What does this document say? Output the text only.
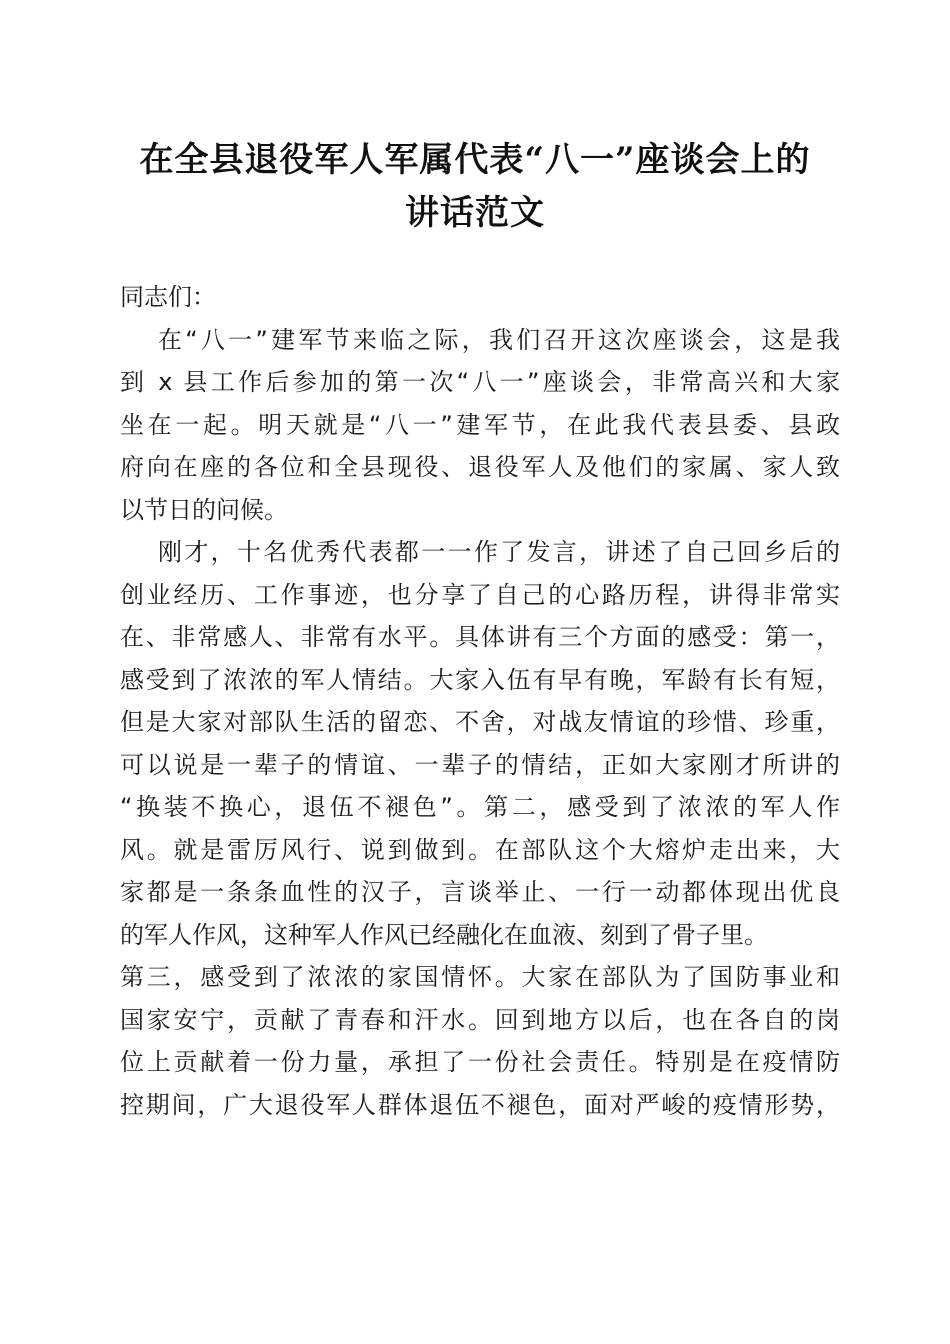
在全县退役军人军属代表“八一”座谈会上的
讲话范文
同志们：
在“八一”建军节来临之际，我们召开这次座谈会，这是我
到 x 县工作后参加的第一次“八一”座谈会，非常高兴和大家
坐在一起。明天就是“八一”建军节，在此我代表县委、县政
府向在座的各位和全县现役、退役军人及他们的家属、家人致
以节日的问候。
刚才，十名优秀代表都一一作了发言，讲述了自己回乡后的
创业经历、工作事迹，也分享了自己的心路历程，讲得非常实
在、非常感人、非常有水平。具体讲有三个方面的感受：第一，
感受到了浓浓的军人情结。大家入伍有早有晚，军龄有长有短，
但是大家对部队生活的留恋、不舍，对战友情谊的珍惜、珍重，
可以说是一辈子的情谊、一辈子的情结，正如大家刚才所讲的
“换装不换心，退伍不褪色”。第二，感受到了浓浓的军人作
风。就是雷厉风行、说到做到。在部队这个大熔炉走出来，大
家都是一条条血性的汉子，言谈举止、一行一动都体现出优良
的军人作风，这种军人作风已经融化在血液、刻到了骨子里。
第三，感受到了浓浓的家国情怀。大家在部队为了国防事业和
国家安宁，贡献了青春和汗水。回到地方以后，也在各自的岗
位上贡献着一份力量，承担了一份社会责任。特别是在疫情防
控期间，广大退役军人群体退伍不褪色，面对严峻的疫情形势，
